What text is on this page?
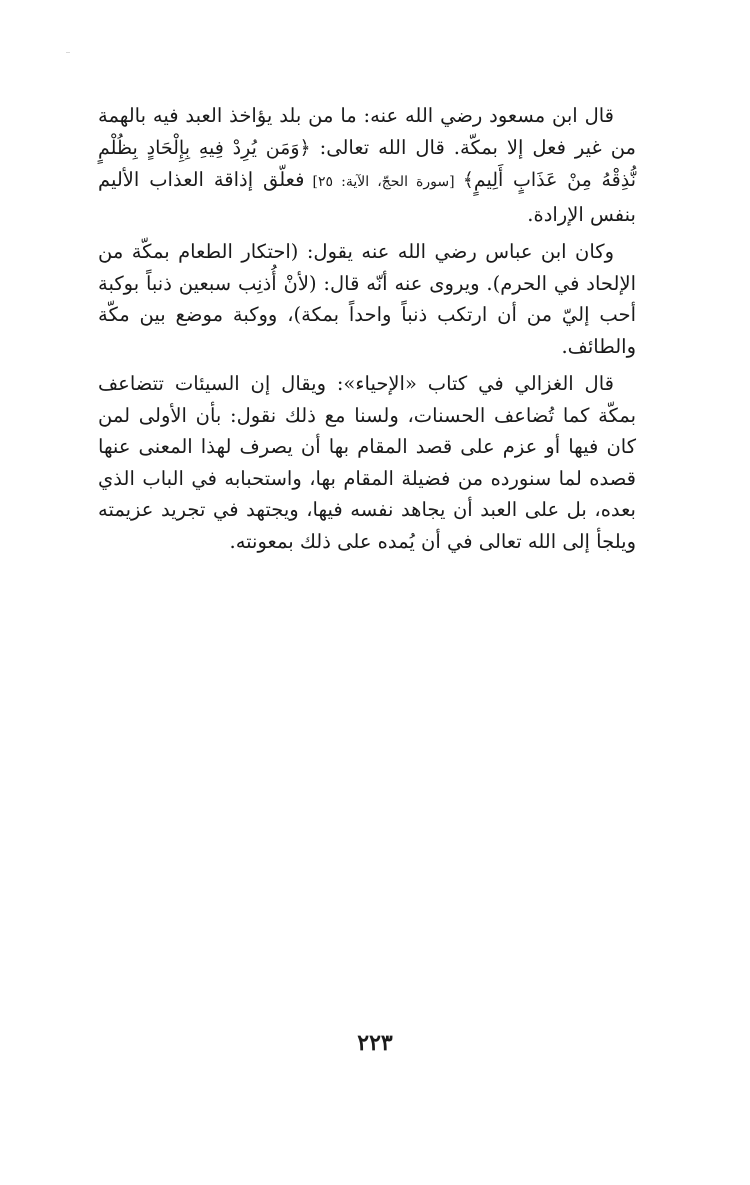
قال ابن مسعود رضي الله عنه: ما من بلد يؤاخذ العبد فيه بالهمة من غير فعل إلا بمكّة. قال الله تعالى: ﴿وَمَن يُرِدْ فِيهِ بِإِلْحَادٍ بِظُلْمٍ نُّذِقْهُ مِنْ عَذَابٍ أَلِيمٍ﴾ [سورة الحجّ، الآية: ٢٥] فعلّق إذاقة العذاب الأليم بنفس الإرادة.

وكان ابن عباس رضي الله عنه يقول: (احتكار الطعام بمكّة من الإلحاد في الحرم). ويروى عنه أنّه قال: (لأنْ أُذنِب سبعين ذنباً بوكبة أحب إليّ من أن ارتكب ذنباً واحداً بمكة)، ووكبة موضع بين مكّة والطائف.

قال الغزالي في كتاب «الإحياء»: ويقال إن السيئات تتضاعف بمكّة كما تُضاعف الحسنات، ولسنا مع ذلك نقول: بأن الأولى لمن كان فيها أو عزم على قصد المقام بها أن يصرف لهذا المعنى عنها قصده لما سنورده من فضيلة المقام بها، واستحبابه في الباب الذي بعده، بل على العبد أن يجاهد نفسه فيها، ويجتهد في تجريد عزيمته ويلجأ إلى الله تعالى في أن يُمده على ذلك بمعونته.

٢٢٣
